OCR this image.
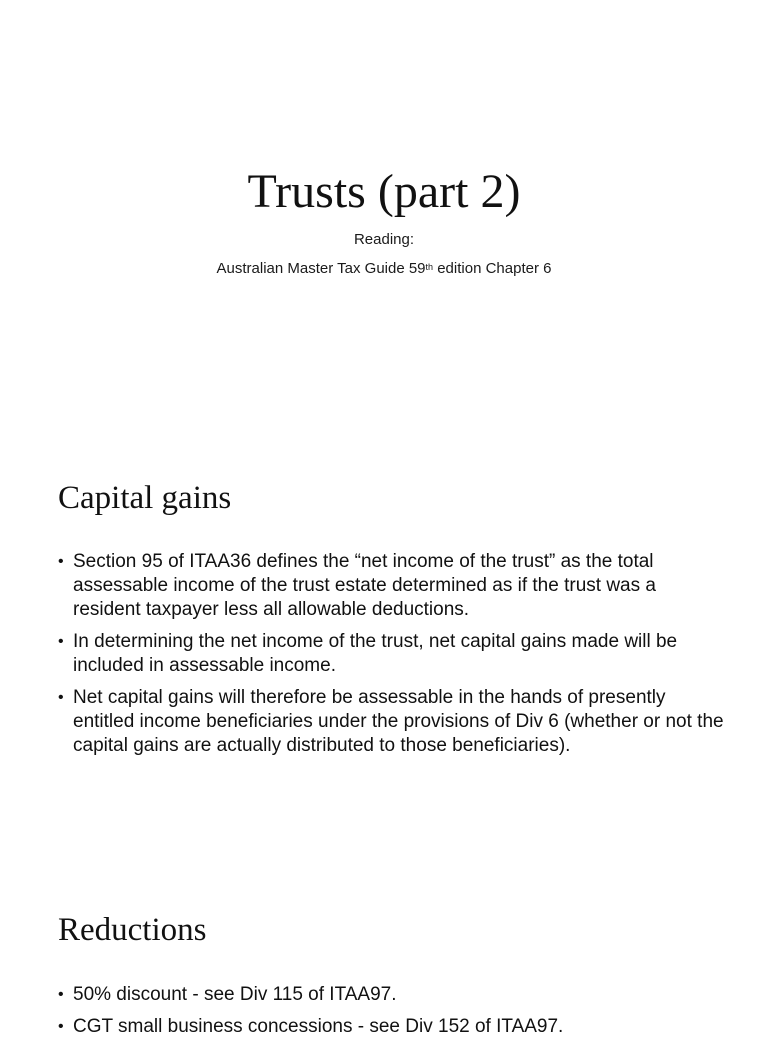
Trusts (part 2)
Reading:
Australian Master Tax Guide 59th edition Chapter 6
Capital gains
• Section 95 of ITAA36 defines the “net income of the trust” as the total assessable income of the trust estate determined as if the trust was a resident taxpayer less all allowable deductions.
• In determining the net income of the trust, net capital gains made will be included in assessable income.
• Net capital gains will therefore be assessable in the hands of presently entitled income beneficiaries under the provisions of Div 6 (whether or not the capital gains are actually distributed to those beneficiaries).
Reductions
• 50% discount - see Div 115 of ITAA97.
• CGT small business concessions - see Div 152 of ITAA97.
